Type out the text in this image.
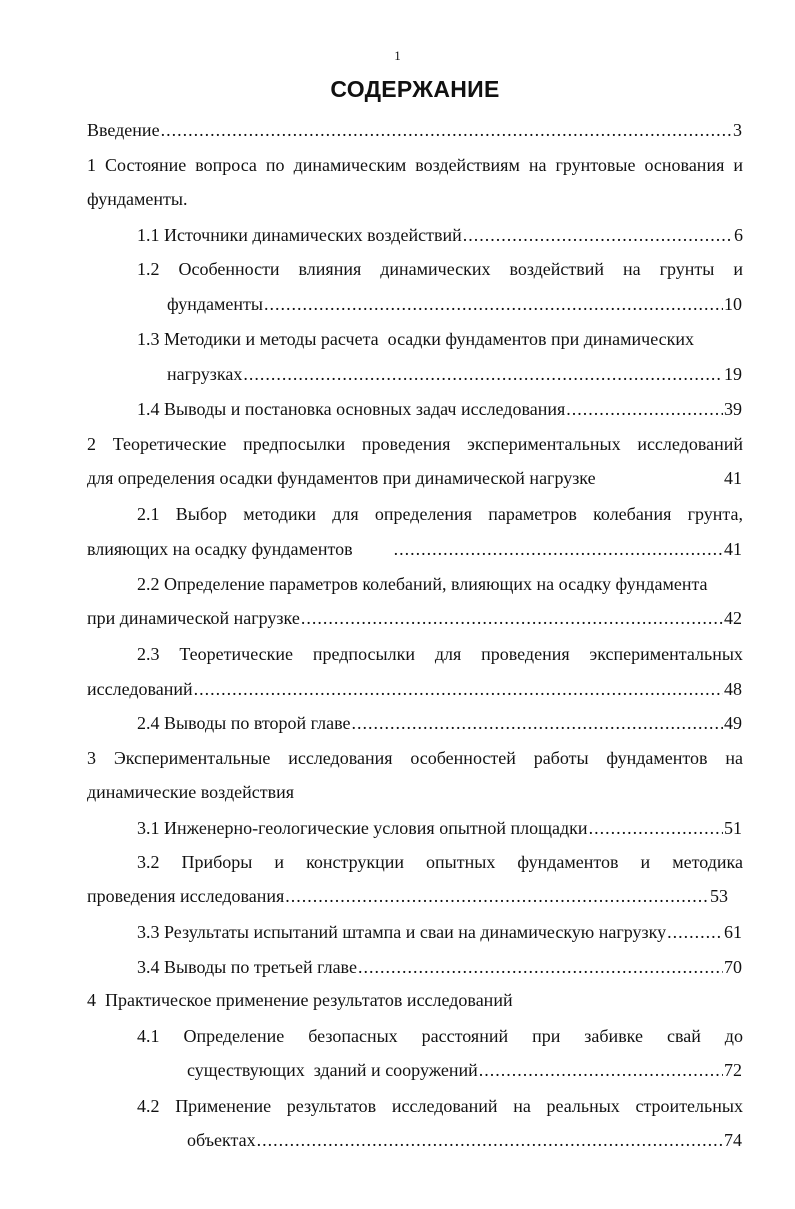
1
СОДЕРЖАНИЕ
Введение .....	3
1 Состояние вопроса по динамическим воздействиям на грунтовые основания и
фундаменты.
1.1 Источники динамических воздействий .....	6
1.2 Особенности влияния динамических воздействий на грунты и
фундаменты .....	10
1.3 Методики и методы расчета  осадки фундаментов при динамических
нагрузках .....	19
1.4 Выводы и постановка основных задач исследования .....	39
2 Теоретические предпосылки проведения экспериментальных исследований
для определения осадки фундаментов при динамической нагрузке	41
2.1 Выбор методики для определения параметров колебания грунта,
влияющих на осадку фундаментов .....	41
2.2 Определение параметров колебаний, влияющих на осадку фундамента
при динамической нагрузке .....	42
2.3 Теоретические предпосылки для проведения экспериментальных
исследований .....	48
2.4 Выводы по второй главе .....	49
3 Экспериментальные исследования особенностей работы фундаментов на
динамические воздействия
3.1 Инженерно-геологические условия опытной площадки .....	51
3.2 Приборы и конструкции опытных фундаментов и методика
проведения исследования .....	53
3.3 Результаты испытаний штампа и сваи на динамическую нагрузку .....	61
3.4 Выводы по третьей главе .....	70
4  Практическое применение результатов исследований
4.1 Определение безопасных расстояний при забивке свай до
существующих  зданий и сооружений .....	72
4.2 Применение результатов исследований на реальных строительных
объектах .....	74
